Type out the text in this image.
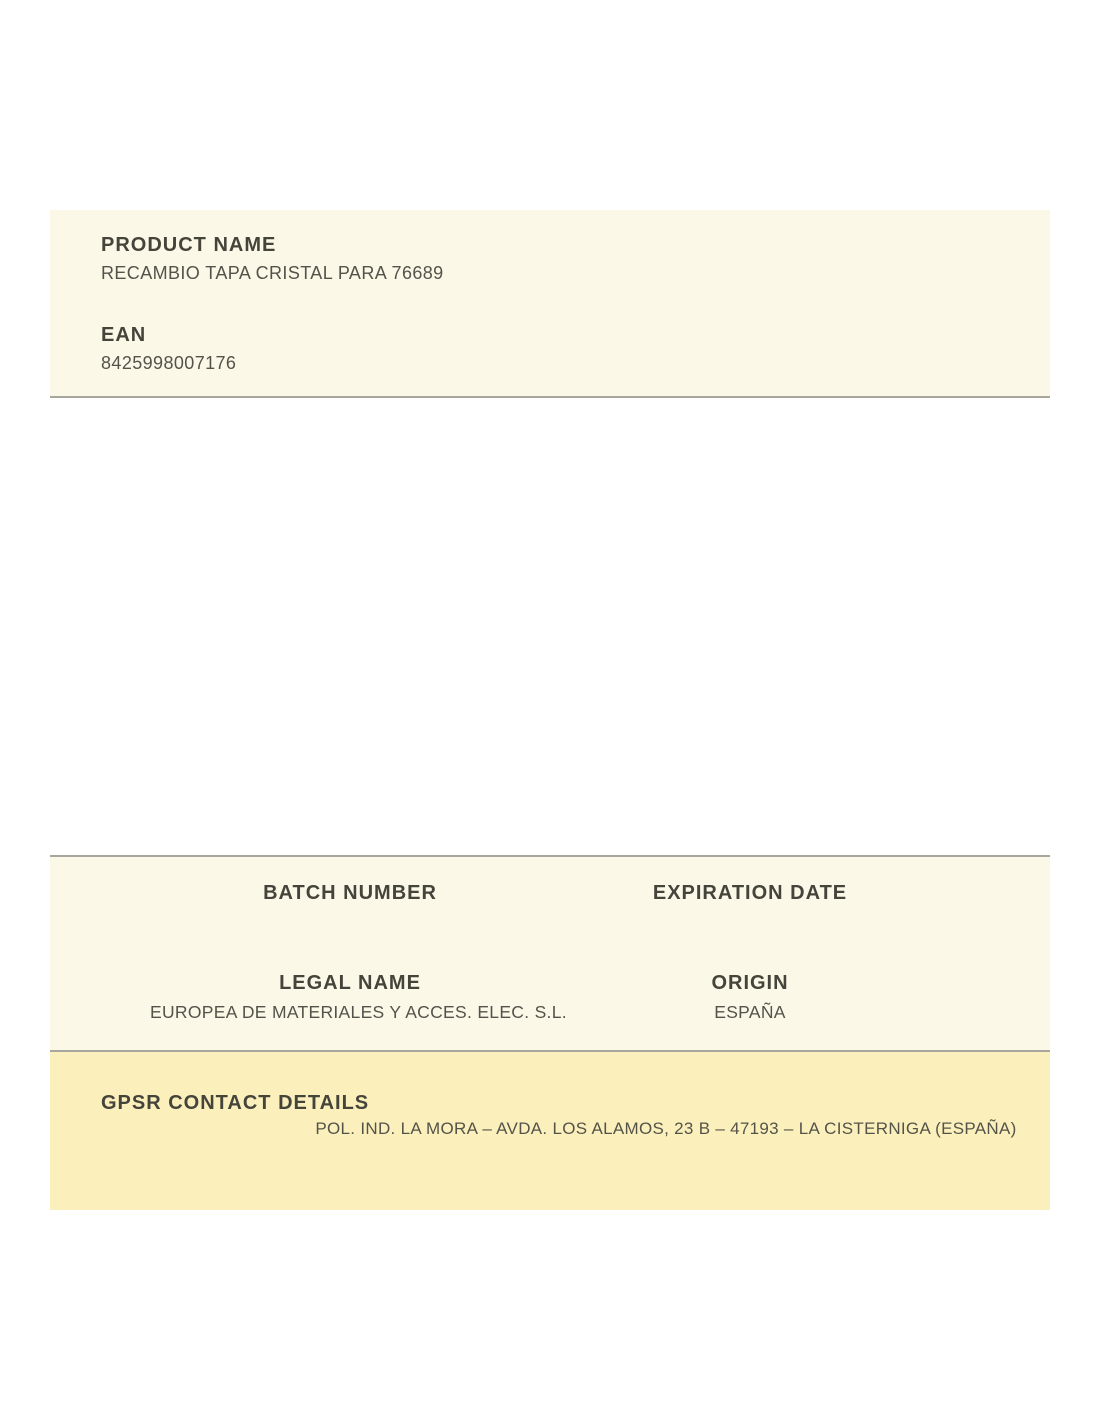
PRODUCT NAME
RECAMBIO TAPA CRISTAL PARA 76689
EAN
8425998007176
BATCH NUMBER	EXPIRATION DATE
LEGAL NAME	ORIGIN
EUROPEA DE MATERIALES Y ACCES. ELEC. S.L.	ESPAÑA
GPSR CONTACT DETAILS
POL. IND. LA MORA – AVDA. LOS ALAMOS, 23 B – 47193 – LA CISTERNIGA (ESPAÑA)
